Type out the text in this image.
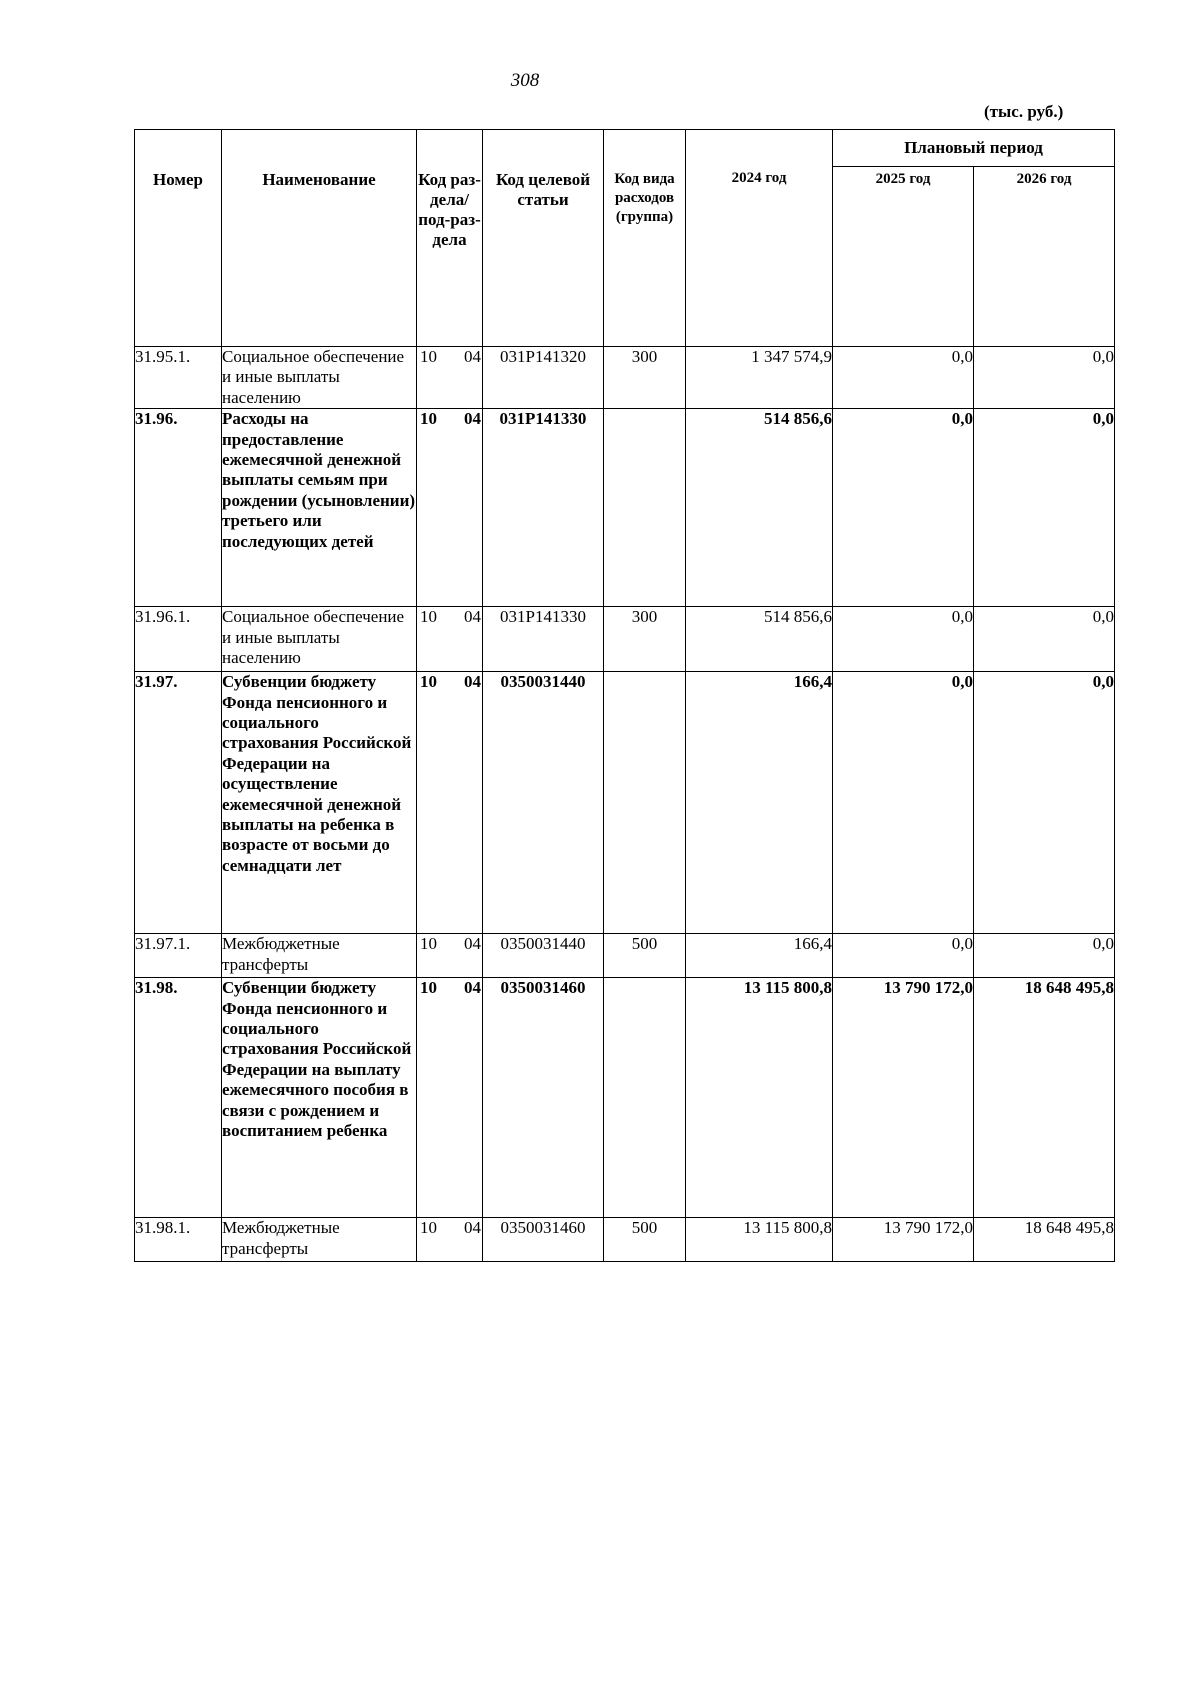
308
(тыс. руб.)
Номер	Наименование	Код раз-дела/ под-раз-дела	Код целевой статьи	Код вида расходов (группа)	2024 год	Плановый период	
						2025 год	2026 год
31.95.1.	Социальное обеспечение и иные выплаты населению	10 04	031P141320	300	1 347 574,9	0,0	0,0
31.96.	Расходы на предоставление ежемесячной денежной выплаты семьям при рождении (усыновлении) третьего или последующих детей	10 04	031P141330		514 856,6	0,0	0,0
31.96.1.	Социальное обеспечение и иные выплаты населению	10 04	031P141330	300	514 856,6	0,0	0,0
31.97.	Субвенции бюджету Фонда пенсионного и социального страхования Российской Федерации на осуществление ежемесячной денежной выплаты на ребенка в возрасте от восьми до семнадцати лет	10 04	0350031440		166,4	0,0	0,0
31.97.1.	Межбюджетные трансферты	10 04	0350031440	500	166,4	0,0	0,0
31.98.	Субвенции бюджету Фонда пенсионного и социального страхования Российской Федерации на выплату ежемесячного пособия в связи с рождением и воспитанием ребенка	10 04	0350031460		13 115 800,8	13 790 172,0	18 648 495,8
31.98.1.	Межбюджетные трансферты	10 04	0350031460	500	13 115 800,8	13 790 172,0	18 648 495,8
